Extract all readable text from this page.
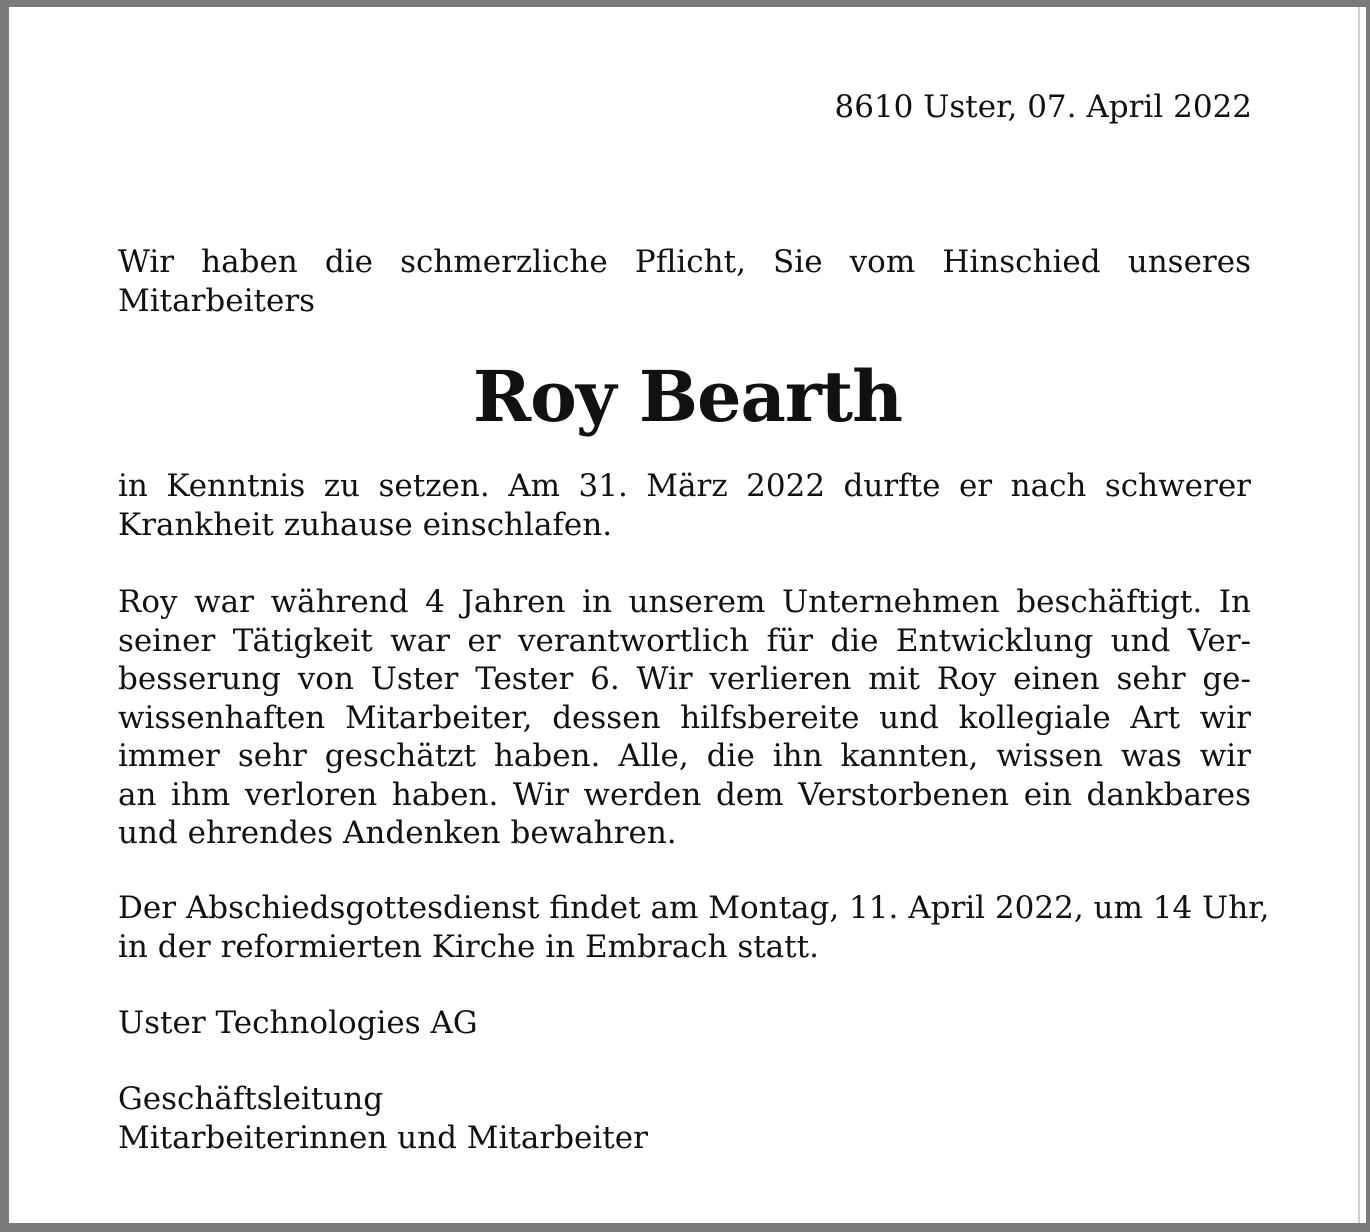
8610 Uster, 07. April 2022
Wir haben die schmerzliche Pflicht, Sie vom Hinschied unseres
Mitarbeiters
Roy Bearth
in Kenntnis zu setzen. Am 31. März 2022 durfte er nach schwerer
Krankheit zuhause einschlafen.
Roy war während 4 Jahren in unserem Unternehmen beschäftigt. In
seiner Tätigkeit war er verantwortlich für die Entwicklung und Ver-
besserung von Uster Tester 6. Wir verlieren mit Roy einen sehr ge-
wissenhaften Mitarbeiter, dessen hilfsbereite und kollegiale Art wir
immer sehr geschätzt haben. Alle, die ihn kannten, wissen was wir
an ihm verloren haben. Wir werden dem Verstorbenen ein dankbares
und ehrendes Andenken bewahren.
Der Abschiedsgottesdienst findet am Montag, 11. April 2022, um 14 Uhr,
in der reformierten Kirche in Embrach statt.
Uster Technologies AG
Geschäftsleitung
Mitarbeiterinnen und Mitarbeiter
